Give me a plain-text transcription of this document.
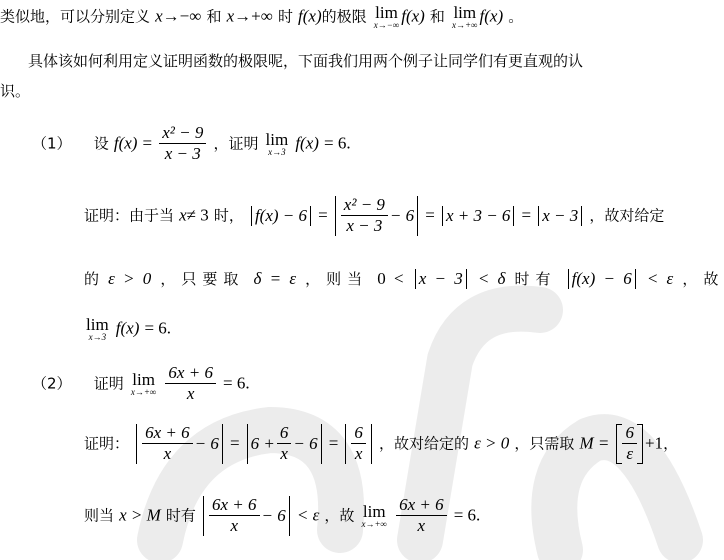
类似地，可以分别定义 x→−∞ 和 x→+∞ 时 f(x)的极限 lim
x→−∞ f(x) 和 lim
x→+∞ f(x) 。
具体该如何利用定义证明函数的极限呢，下面我们用两个例子让同学们有更直观的认
识。
（1） 设 $f(x) = \frac{\text{x² − 9}}{x - 3}$ ，证明 lim
x→3 f(x) = 6.
证明：由于当 x≠ 3 时， $f(x) - 6 = \frac{\text{x² − 9}}{x - 3} - 6 = x + 3 - 6 = x - 3$ ，故对给定
的 ε > 0 ，只要取 δ = ε ，则当 0 < x − 3 < δ 时有 f(x) − 6 < ε ，故
lim
x→3 f(x) = 6.
（2） 证明 lim
x→+∞
$\frac{6x + 6}{x} = 6$.
证明： $\frac{6x + 6}{x} - 6 = 6 + \frac{6}{x} - 6 = \frac{6}{x}$ ，故对给定的 ε > 0 ，只需取 $M = \frac{6}{\varepsilon} +1$，
则当 x > M 时有 $\frac{6x + 6}{x} - 6 < \varepsilon$ ，故 lim
x→+∞
$\frac{6x + 6}{x} = 6$.
